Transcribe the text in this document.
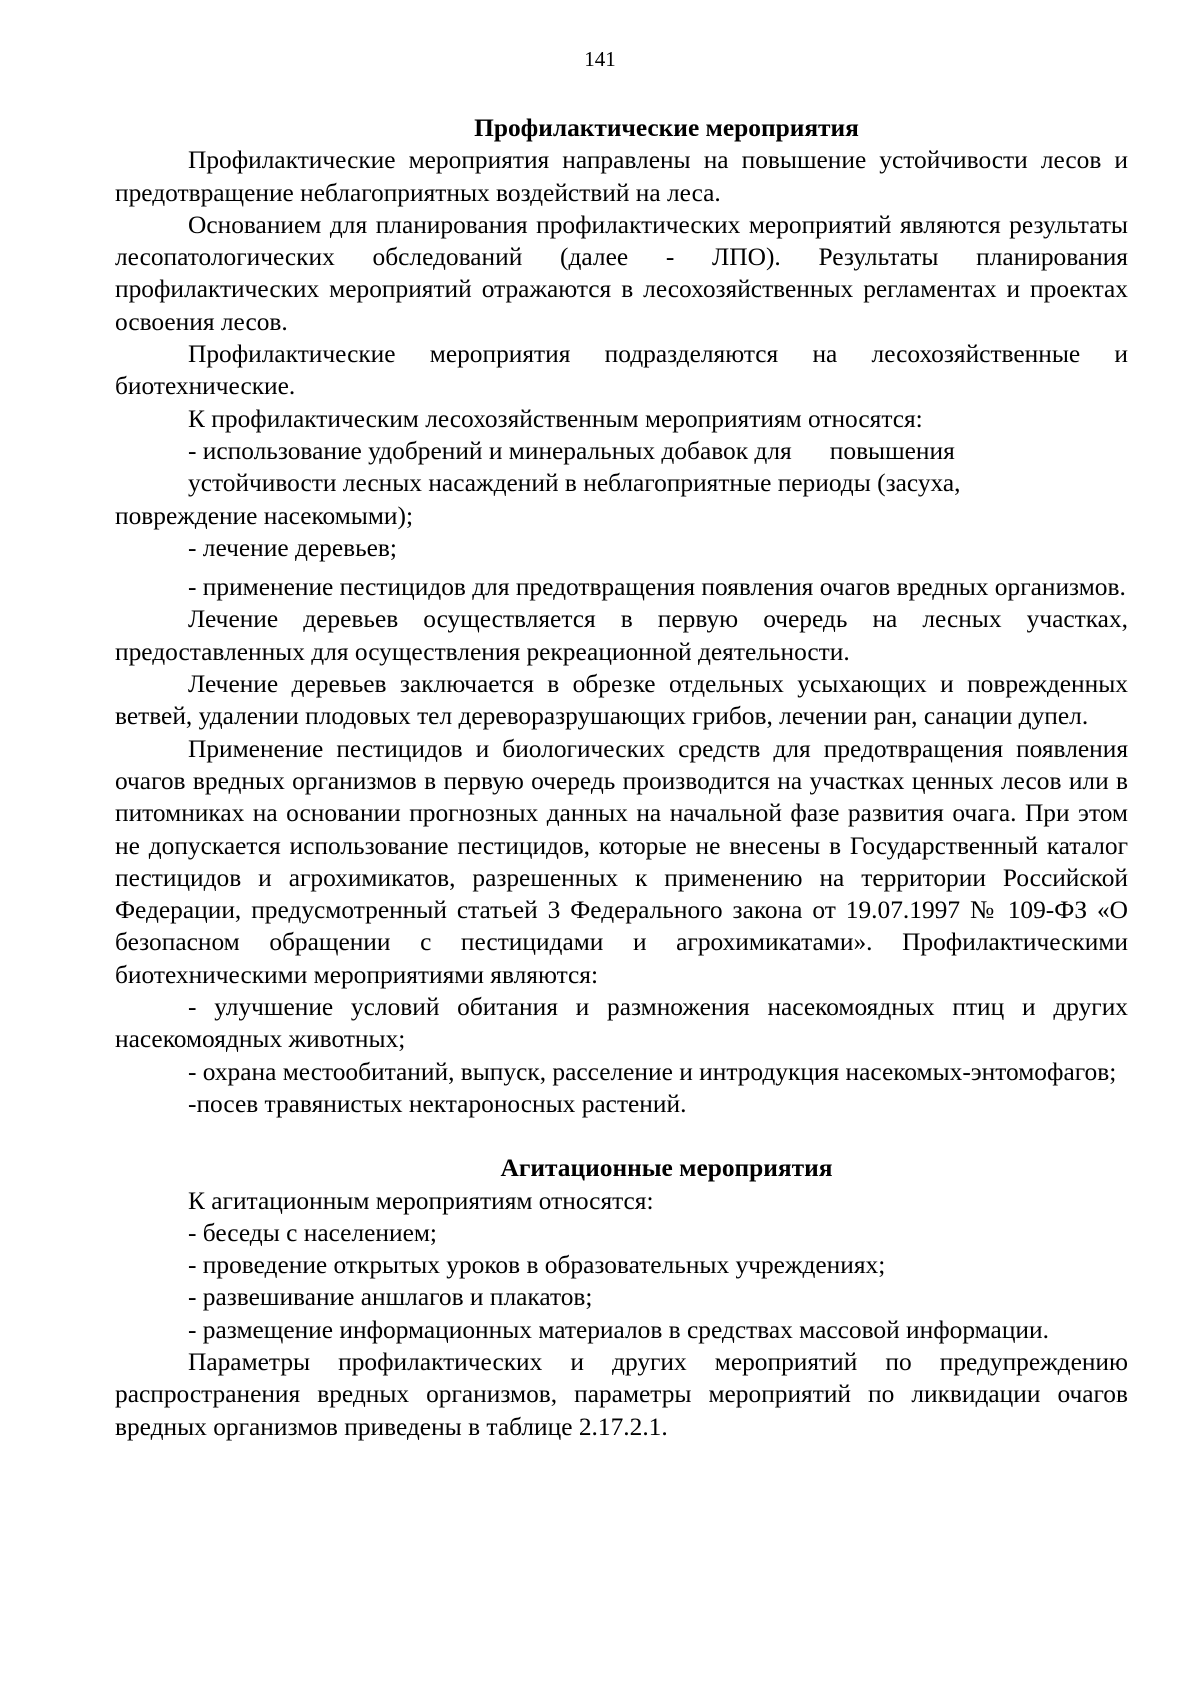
141
Профилактические мероприятия

Профилактические мероприятия направлены на повышение устойчивости лесов и предотвращение неблагоприятных воздействий на леса.

Основанием для планирования профилактических мероприятий являются результаты лесопатологических обследований (далее - ЛПО). Результаты планирования профилактических мероприятий отражаются в лесохозяйственных регламентах и проектах освоения лесов.

Профилактические мероприятия подразделяются на лесохозяйственные и биотехнические.

К профилактическим лесохозяйственным мероприятиям относятся:

- использование удобрений и минеральных добавок для      повышения

устойчивости лесных насаждений в неблагоприятные периоды (засуха,

повреждение насекомыми);

- лечение деревьев;

- применение пестицидов для предотвращения появления очагов вредных организмов.

Лечение деревьев осуществляется в первую очередь на лесных участках, предоставленных для осуществления рекреационной деятельности.

Лечение деревьев заключается в обрезке отдельных усыхающих и поврежденных ветвей, удалении плодовых тел дереворазрушающих грибов, лечении ран, санации дупел.

Применение пестицидов и биологических средств для предотвращения появления очагов вредных организмов в первую очередь производится на участках ценных лесов или в питомниках на основании прогнозных данных на начальной фазе развития очага. При этом не допускается использование пестицидов, которые не внесены в Государственный каталог пестицидов и агрохимикатов, разрешенных к применению на территории Российской Федерации, предусмотренный статьей 3 Федерального закона от 19.07.1997 № 109-ФЗ «О безопасном обращении с пестицидами и агрохимикатами». Профилактическими биотехническими мероприятиями являются:

- улучшение условий обитания и размножения насекомоядных птиц и других насекомоядных животных;

- охрана местообитаний, выпуск, расселение и интродукция насекомых-энтомофагов;

-посев травянистых нектароносных растений.

Агитационные мероприятия

К агитационным мероприятиям относятся:

- беседы с населением;

- проведение открытых уроков в образовательных учреждениях;

- развешивание аншлагов и плакатов;

- размещение информационных материалов в средствах массовой информации.

Параметры профилактических и других мероприятий по предупреждению распространения вредных организмов, параметры мероприятий по ликвидации очагов вредных организмов приведены в таблице 2.17.2.1.
